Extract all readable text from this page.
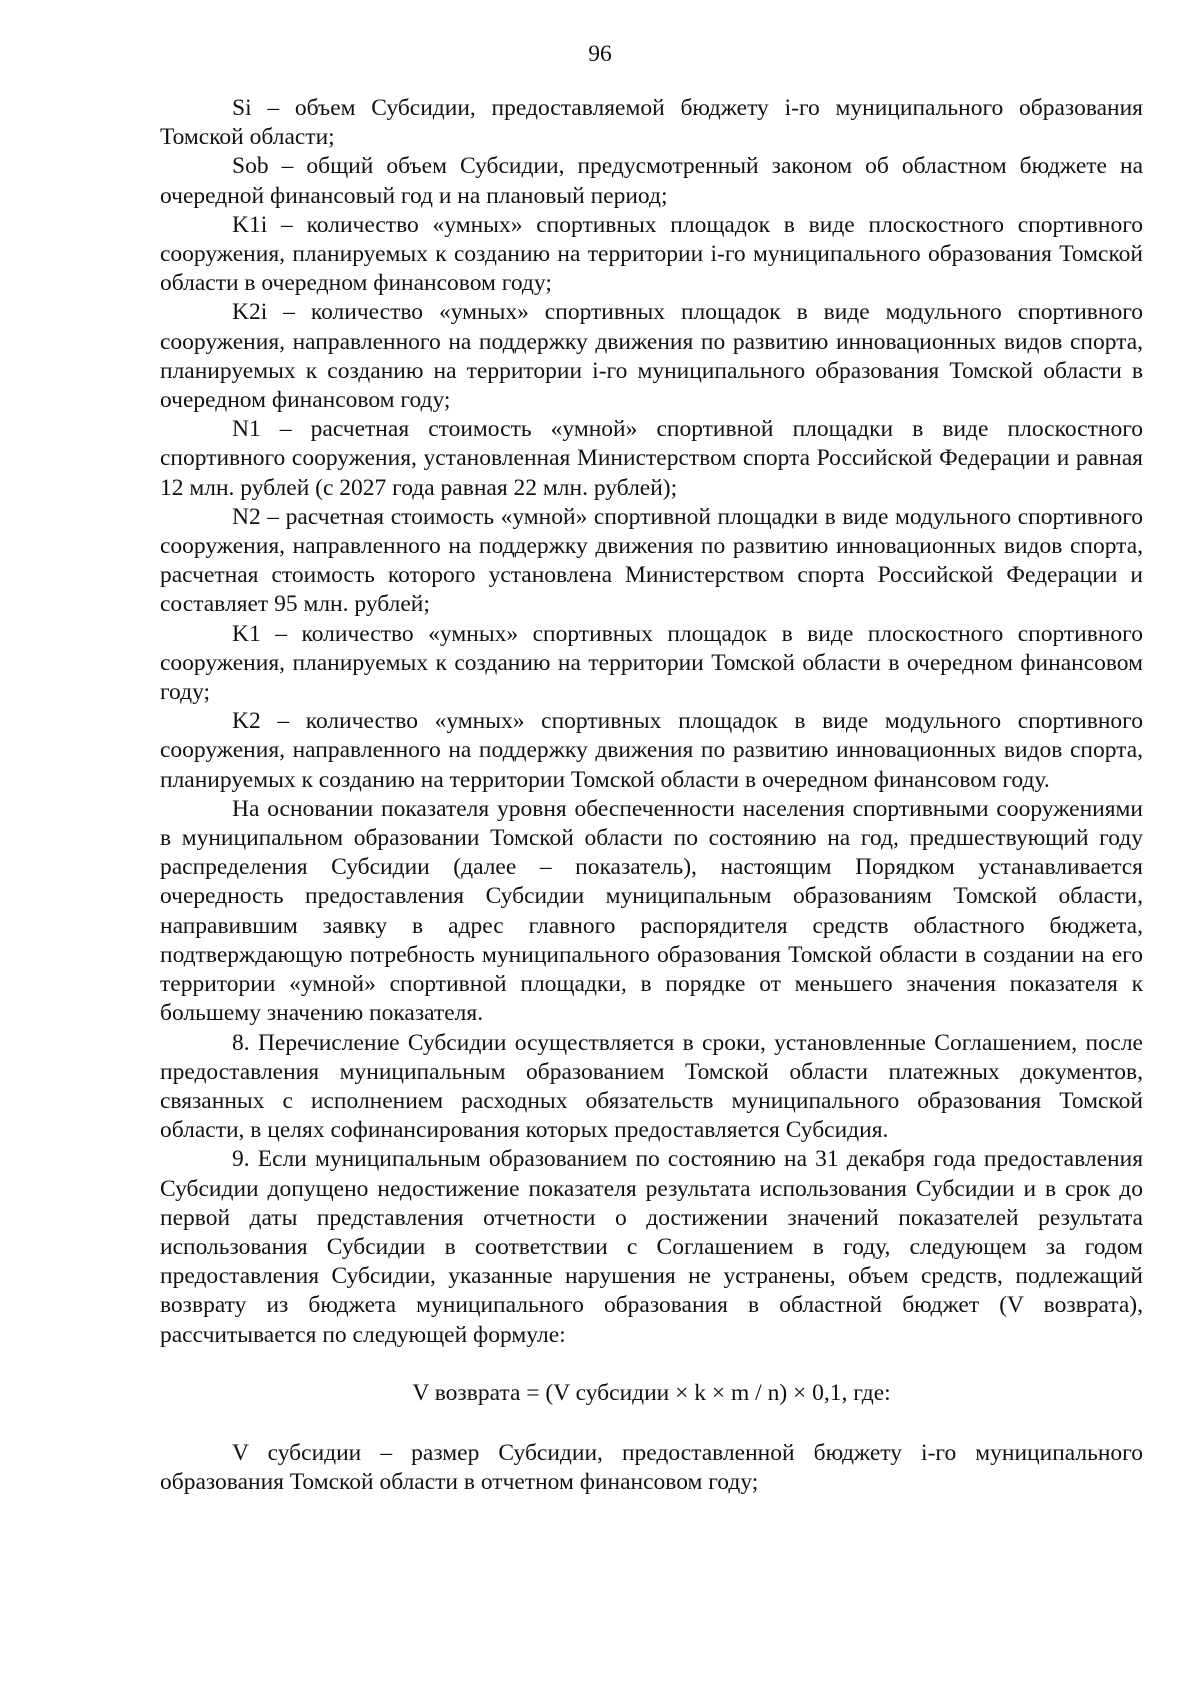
96

Si – объем Субсидии, предоставляемой бюджету i-го муниципального образования Томской области;

Sob – общий объем Субсидии, предусмотренный законом об областном бюджете на очередной финансовый год и на плановый период;

K1i – количество «умных» спортивных площадок в виде плоскостного спортивного сооружения, планируемых к созданию на территории i-го муниципального образования Томской области в очередном финансовом году;

K2i – количество «умных» спортивных площадок в виде модульного спортивного сооружения, направленного на поддержку движения по развитию инновационных видов спорта, планируемых к созданию на территории i-го муниципального образования Томской области в очередном финансовом году;

N1 – расчетная стоимость «умной» спортивной площадки в виде плоскостного спортивного сооружения, установленная Министерством спорта Российской Федерации и равная 12 млн. рублей (с 2027 года равная 22 млн. рублей);

N2 – расчетная стоимость «умной» спортивной площадки в виде модульного спортивного сооружения, направленного на поддержку движения по развитию инновационных видов спорта, расчетная стоимость которого установлена Министерством спорта Российской Федерации и составляет 95 млн. рублей;

K1 – количество «умных» спортивных площадок в виде плоскостного спортивного сооружения, планируемых к созданию на территории Томской области в очередном финансовом году;

K2 – количество «умных» спортивных площадок в виде модульного спортивного сооружения, направленного на поддержку движения по развитию инновационных видов спорта, планируемых к созданию на территории Томской области в очередном финансовом году.

На основании показателя уровня обеспеченности населения спортивными сооружениями в муниципальном образовании Томской области по состоянию на год, предшествующий году распределения Субсидии (далее – показатель), настоящим Порядком устанавливается очередность предоставления Субсидии муниципальным образованиям Томской области, направившим заявку в адрес главного распорядителя средств областного бюджета, подтверждающую потребность муниципального образования Томской области в создании на его территории «умной» спортивной площадки, в порядке от меньшего значения показателя к большему значению показателя.

8. Перечисление Субсидии осуществляется в сроки, установленные Соглашением, после предоставления муниципальным образованием Томской области платежных документов, связанных с исполнением расходных обязательств муниципального образования Томской области, в целях софинансирования которых предоставляется Субсидия.

9. Если муниципальным образованием по состоянию на 31 декабря года предоставления Субсидии допущено недостижение показателя результата использования Субсидии и в срок до первой даты представления отчетности о достижении значений показателей результата использования Субсидии в соответствии с Соглашением в году, следующем за годом предоставления Субсидии, указанные нарушения не устранены, объем средств, подлежащий возврату из бюджета муниципального образования в областной бюджет (V возврата), рассчитывается по следующей формуле:

V возврата = (V субсидии × k × m / n) × 0,1, где:

V субсидии – размер Субсидии, предоставленной бюджету i-го муниципального образования Томской области в отчетном финансовом году;
